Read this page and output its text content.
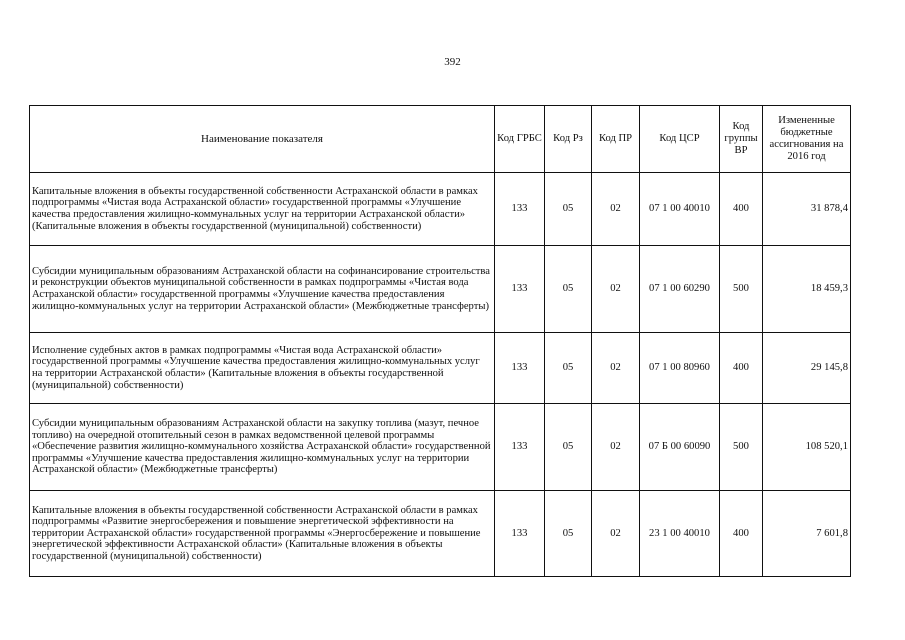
392
Наименование показателя	Код ГРБС	Код Рз	Код ПР	Код ЦСР	Код группы ВР	Измененные бюджетные ассигнования на 2016 год
Капитальные вложения в объекты государственной собственности Астраханской области в рамках подпрограммы «Чистая вода Астраханской области» государственной программы «Улучшение качества предоставления жилищно-коммунальных услуг на территории Астраханской области» (Капитальные вложения в объекты государственной (муниципальной) собственности)	133	05	02	07 1 00 40010	400	31 878,4
Субсидии муниципальным образованиям Астраханской области на софинансирование строительства и реконструкции объектов муниципальной собственности в рамках подпрограммы «Чистая вода Астраханской области» государственной программы «Улучшение качества предоставления жилищно-коммунальных услуг на территории Астраханской области» (Межбюджетные трансферты)	133	05	02	07 1 00 60290	500	18 459,3
Исполнение судебных актов в рамках подпрограммы «Чистая вода Астраханской области» государственной программы «Улучшение качества предоставления жилищно-коммунальных услуг на территории Астраханской области» (Капитальные вложения в объекты государственной (муниципальной) собственности)	133	05	02	07 1 00 80960	400	29 145,8
Субсидии муниципальным образованиям Астраханской области на закупку топлива (мазут, печное топливо) на очередной отопительный сезон в рамках ведомственной целевой программы «Обеспечение развития жилищно-коммунального хозяйства Астраханской области» государственной программы «Улучшение качества предоставления жилищно-коммунальных услуг на территории Астраханской области» (Межбюджетные трансферты)	133	05	02	07 Б 00 60090	500	108 520,1
Капитальные вложения в объекты государственной собственности Астраханской области в рамках подпрограммы «Развитие энергосбережения и повышение энергетической эффективности на территории Астраханской области» государственной программы «Энергосбережение и повышение энергетической эффективности Астраханской области» (Капитальные вложения в объекты государственной (муниципальной) собственности)	133	05	02	23 1 00 40010	400	7 601,8
